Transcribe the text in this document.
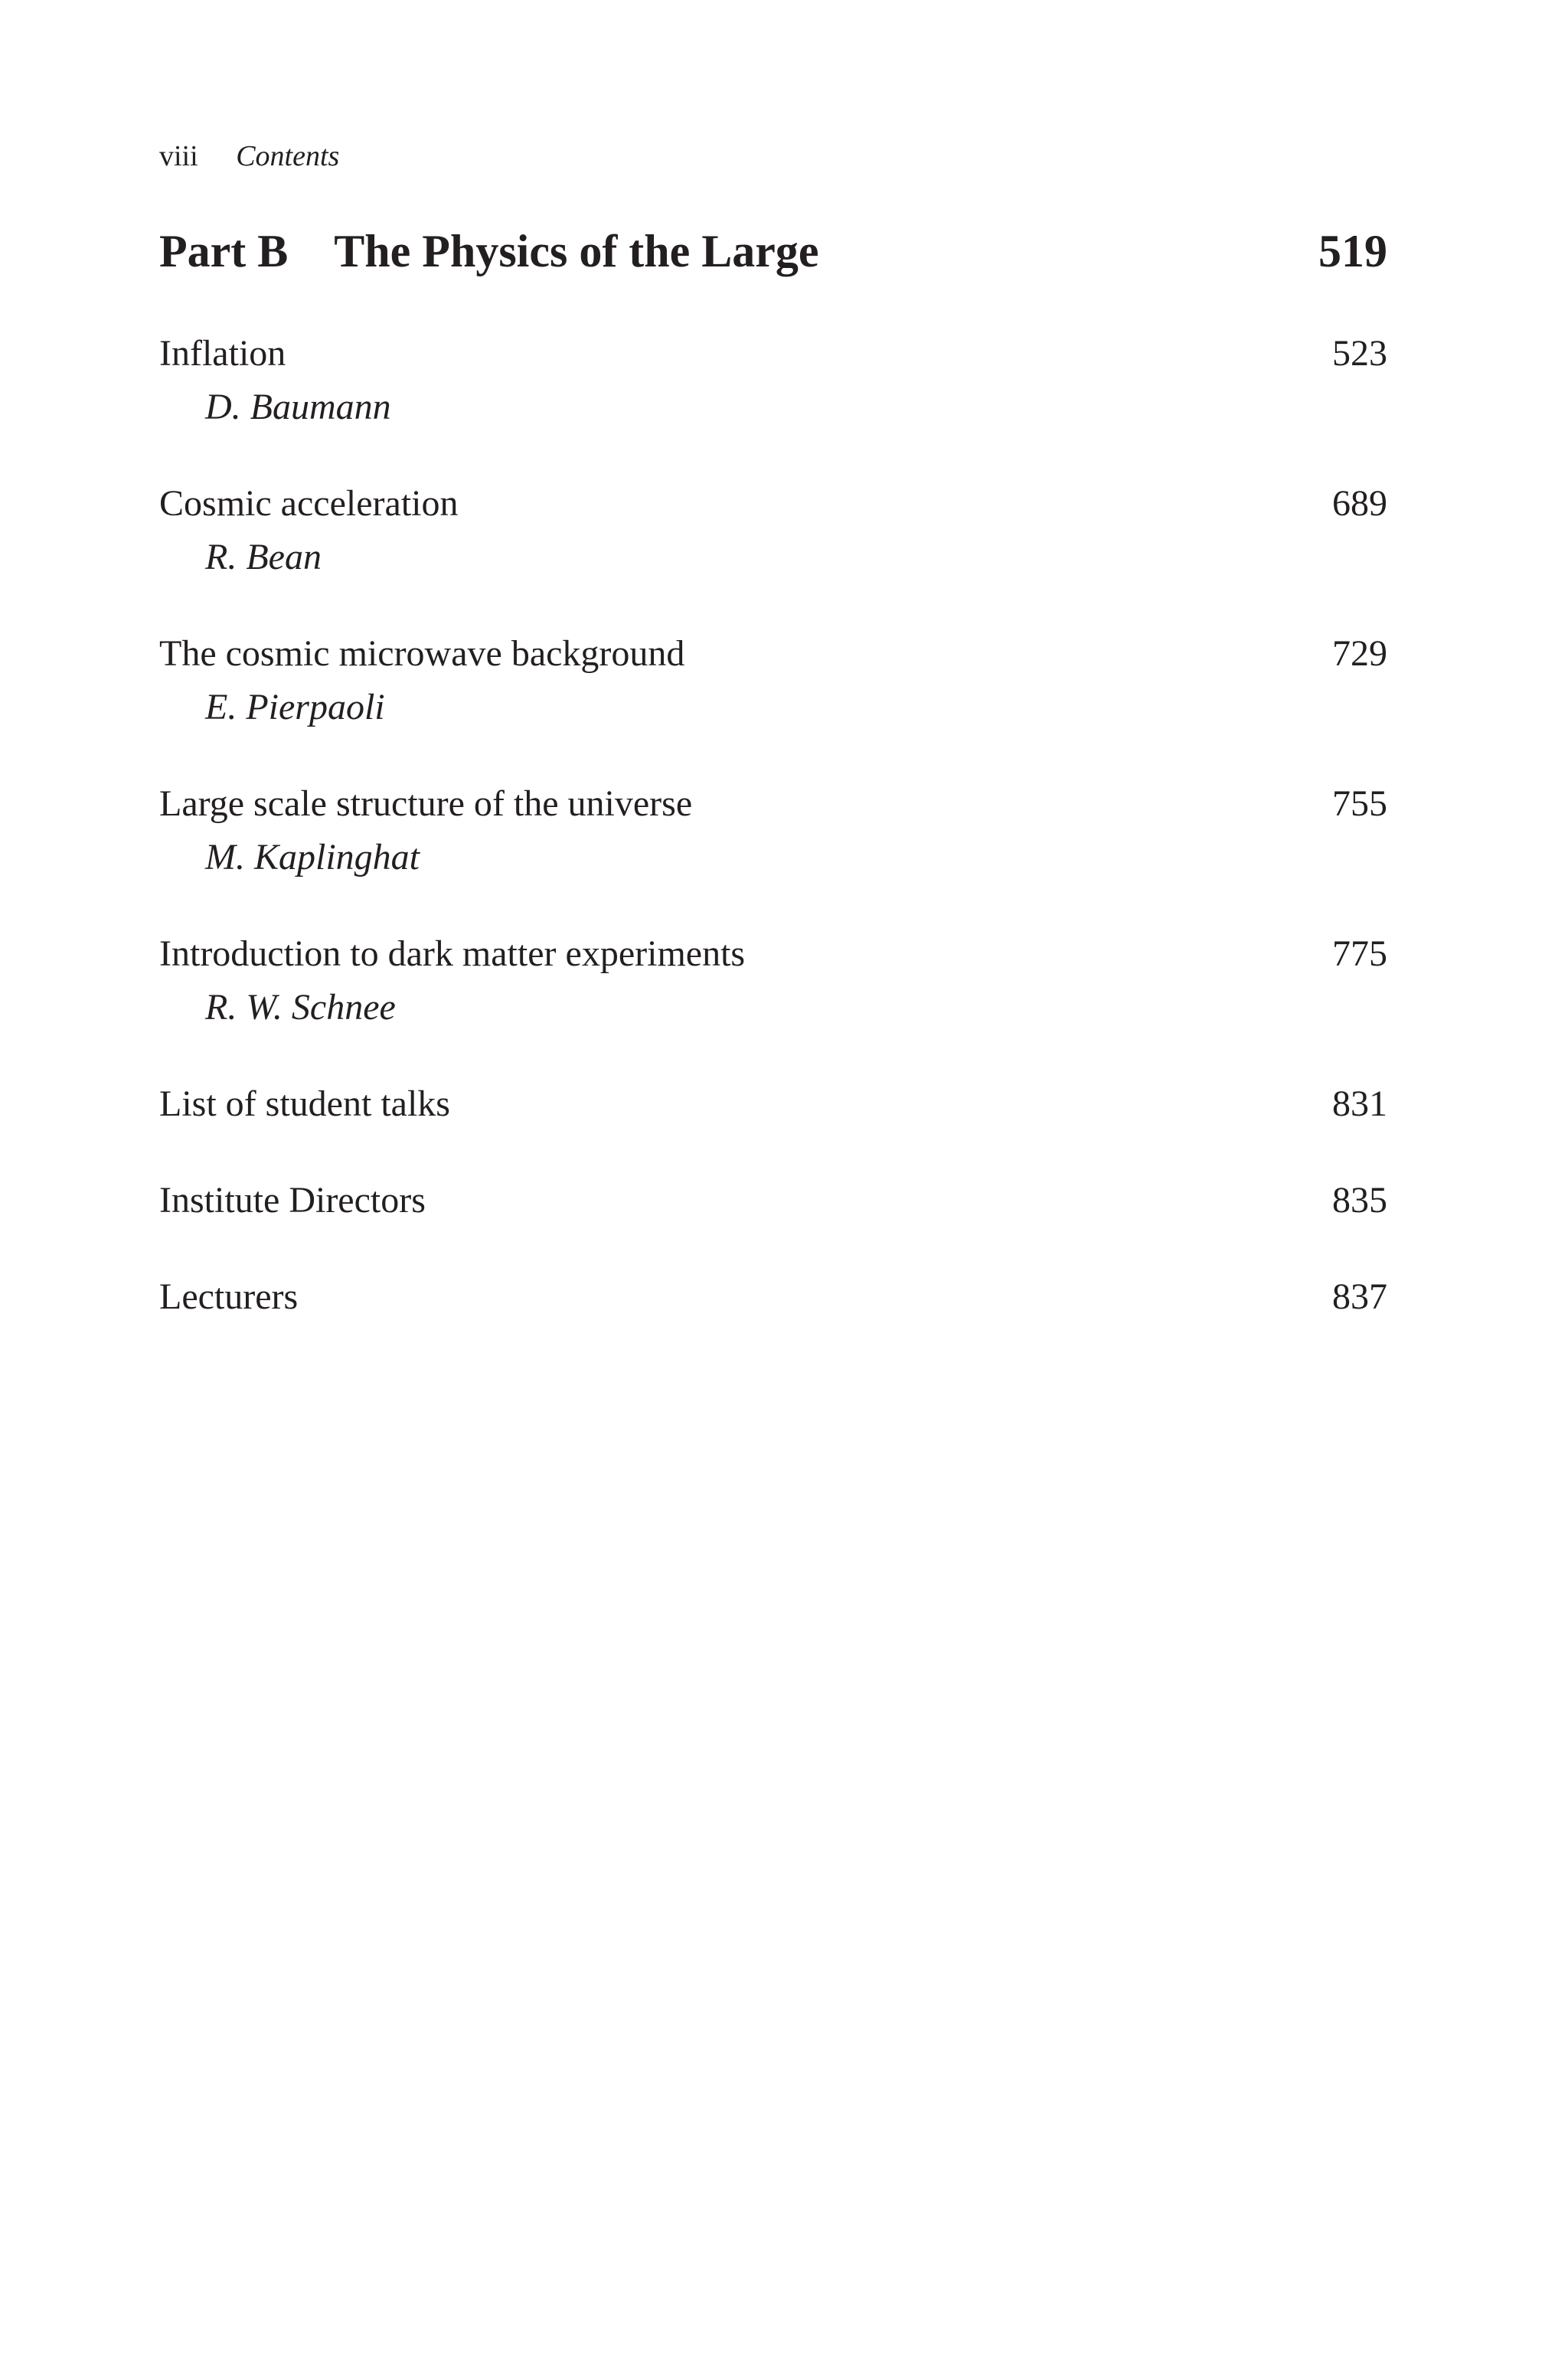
viii Contents
Part B The Physics of the Large	519
Inflation	523
D. Baumann
Cosmic acceleration	689
R. Bean
The cosmic microwave background	729
E. Pierpaoli
Large scale structure of the universe	755
M. Kaplinghat
Introduction to dark matter experiments	775
R. W. Schnee
List of student talks	831
Institute Directors	835
Lecturers	837
